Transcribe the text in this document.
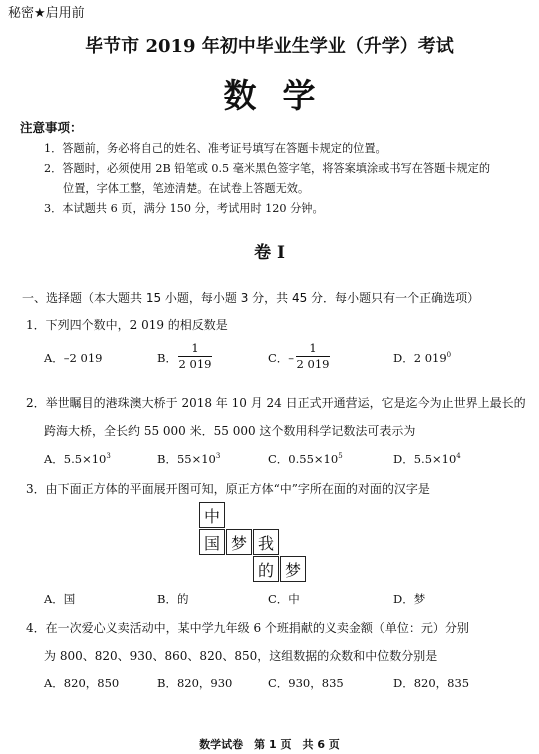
秘密★启用前
毕节市 2019 年初中毕业生学业（升学）考试
数学
注意事项：
1．答题前，务必将自己的姓名、准考证号填写在答题卡规定的位置。
2．答题时，必须使用 2B 铅笔或 0.5 毫米黑色签字笔，将答案填涂或书写在答题卡规定的
位置，字体工整，笔迹清楚。在试卷上答题无效。
3．本试题共 6 页，满分 150 分，考试用时 120 分钟。
卷 I
一、选择题（本大题共 15 小题，每小题 3 分，共 45 分．每小题只有一个正确选项）
1．下列四个数中，2 019 的相反数是
A．–2 019	B．
1
2 019	C．–
1
2 019	D．2 $019^0$
2．举世瞩目的港珠澳大桥于 2018 年 10 月 24 日正式开通营运，它是迄今为止世界上最长的
跨海大桥，全长约 55 000 米．55 000 这个数用科学记数法可表示为
A．$5.5\times 10^3$	B．$55\times 10^3$	C．$0.55\times 10^5$	D．$5.5\times 10^4$
3．由下面正方体的平面展开图可知，原正方体“中”字所在面的对面的汉字是
中
国 梦 我
的 梦
A．国	B．的	C．中	D．梦
4．在一次爱心义卖活动中，某中学九年级 6 个班捐献的义卖金额（单位：元）分别
为 800、820、930、860、820、850，这组数据的众数和中位数分别是
A．820，850	B．820，930	C．930，835	D．820，835
数学试卷　第 1 页　共 6 页
